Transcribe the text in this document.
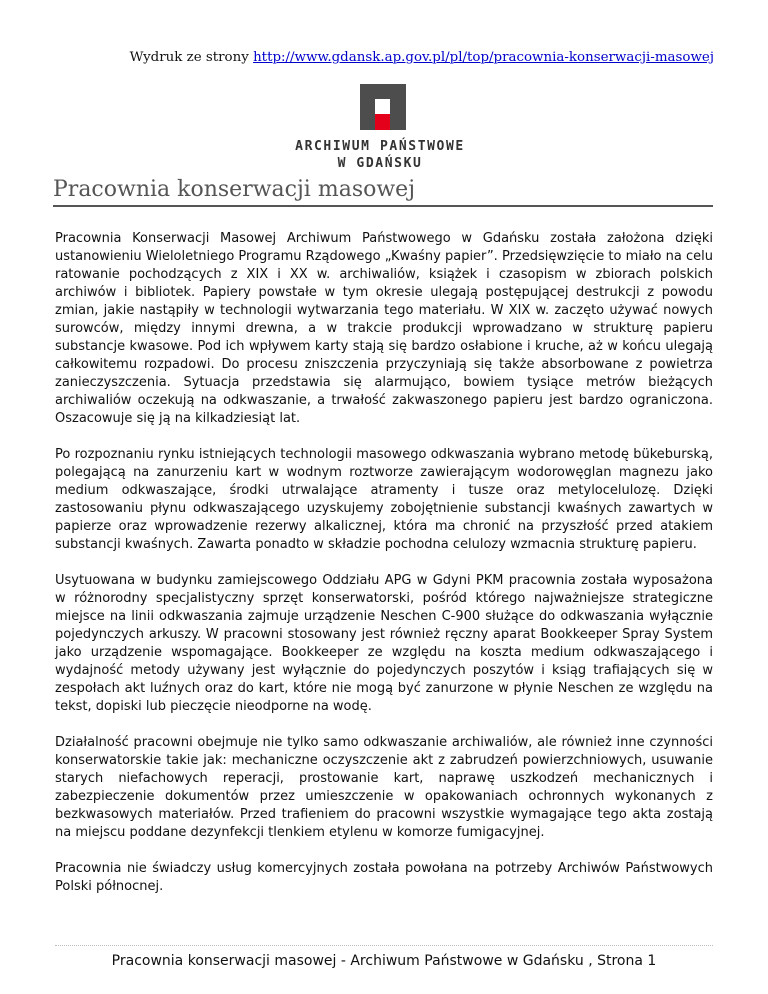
Wydruk ze strony http://www.gdansk.ap.gov.pl/pl/top/pracownia-konserwacji-masowej
ARCHIWUM PAŃSTWOWE
W GDAŃSKU
Pracownia konserwacji masowej

Pracownia Konserwacji Masowej Archiwum Państwowego w Gdańsku została założona dzięki ustanowieniu Wieloletniego Programu Rządowego „Kwaśny papier”. Przedsięwzięcie to miało na celu ratowanie pochodzących z XIX i XX w. archiwaliów, książek i czasopism w zbiorach polskich archiwów i bibliotek. Papiery powstałe w tym okresie ulegają postępującej destrukcji z powodu zmian, jakie nastąpiły w technologii wytwarzania tego materiału. W XIX w. zaczęto używać nowych surowców, między innymi drewna, a w trakcie produkcji wprowadzano w strukturę papieru substancje kwasowe. Pod ich wpływem karty stają się bardzo osłabione i kruche, aż w końcu ulegają całkowitemu rozpadowi. Do procesu zniszczenia przyczyniają się także absorbowane z powietrza zanieczyszczenia. Sytuacja przedstawia się alarmująco, bowiem tysiące metrów bieżących archiwaliów oczekują na odkwaszanie, a trwałość zakwaszonego papieru jest bardzo ograniczona. Oszacowuje się ją na kilkadziesiąt lat.

Po rozpoznaniu rynku istniejących technologii masowego odkwaszania wybrano metodę bükeburską, polegającą na zanurzeniu kart w wodnym roztworze zawierającym wodorowęglan magnezu jako medium odkwaszające, środki utrwalające atramenty i tusze oraz metylocelulozę. Dzięki zastosowaniu płynu odkwaszającego uzyskujemy zobojętnienie substancji kwaśnych zawartych w papierze oraz wprowadzenie rezerwy alkalicznej, która ma chronić na przyszłość przed atakiem substancji kwaśnych. Zawarta ponadto w składzie pochodna celulozy wzmacnia strukturę papieru.

Usytuowana w budynku zamiejscowego Oddziału APG w Gdyni PKM pracownia została wyposażona w różnorodny specjalistyczny sprzęt konserwatorski, pośród którego najważniejsze strategiczne miejsce na linii odkwaszania zajmuje urządzenie Neschen C-900 służące do odkwaszania wyłącznie pojedynczych arkuszy. W pracowni stosowany jest również ręczny aparat Bookkeeper Spray System jako urządzenie wspomagające. Bookkeeper ze względu na koszta medium odkwaszającego i wydajność metody używany jest wyłącznie do pojedynczych poszytów i ksiąg trafiających się w zespołach akt luźnych oraz do kart, które nie mogą być zanurzone w płynie Neschen ze względu na tekst, dopiski lub pieczęcie nieodporne na wodę.

Działalność pracowni obejmuje nie tylko samo odkwaszanie archiwaliów, ale również inne czynności konserwatorskie takie jak: mechaniczne oczyszczenie akt z zabrudzeń powierzchniowych, usuwanie starych niefachowych reperacji, prostowanie kart, naprawę uszkodzeń mechanicznych i zabezpieczenie dokumentów przez umieszczenie w opakowaniach ochronnych wykonanych z bezkwasowych materiałów. Przed trafieniem do pracowni wszystkie wymagające tego akta zostają na miejscu poddane dezynfekcji tlenkiem etylenu w komorze fumigacyjnej.

Pracownia nie świadczy usług komercyjnych została powołana na potrzeby Archiwów Państwowych Polski północnej.

Pracownia konserwacji masowej - Archiwum Państwowe w Gdańsku , Strona 1
